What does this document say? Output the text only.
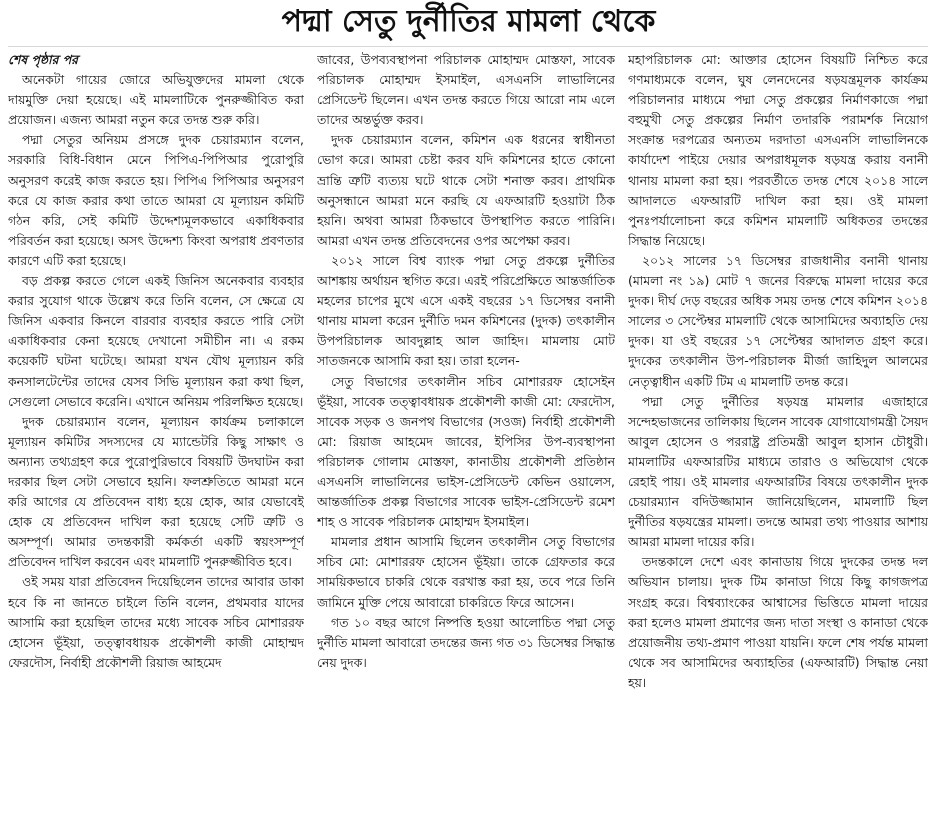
পদ্মা সেতু দুর্নীতির মামলা থেকে

শেষ পৃষ্ঠার পর

অনেকটা গায়ের জোরে অভিযুক্তদের মামলা থেকে দায়মুক্তি দেয়া হয়েছে। এই মামলাটিকে পুনরুজ্জীবিত করা প্রয়োজন। এজন্য আমরা নতুন করে তদন্ত শুরু করি।

পদ্মা সেতুর অনিয়ম প্রসঙ্গে দুদক চেয়ারম্যান বলেন, সরকারি বিধি-বিধান মেনে পিপিএ-পিপিআর পুরোপুরি অনুসরণ করেই কাজ করতে হয়। পিপিএ পিপিআর অনুসরণ করে যে কাজ করার কথা তাতে আমরা যে মূল্যায়ন কমিটি গঠন করি, সেই কমিটি উদ্দেশ্যমূলকভাবে একাধিকবার পরিবর্তন করা হয়েছে। অসৎ উদ্দেশ্য কিংবা অপরাধ প্রবণতার কারণে এটি করা হয়েছে।

বড় প্রকল্প করতে গেলে একই জিনিস অনেকবার ব্যবহার করার সুযোগ থাকে উল্লেখ করে তিনি বলেন, সে ক্ষেত্রে যে জিনিস একবার কিনলে বারবার ব্যবহার করতে পারি সেটা একাধিকবার কেনা হয়েছে দেখানো সমীচীন না। এ রকম কয়েকটি ঘটনা ঘটেছে। আমরা যখন যৌথ মূল্যায়ন করি কনসালটেন্টের তাদের যেসব সিভি মূল্যায়ন করা কথা ছিল, সেগুলো সেভাবে করেনি। এখানে অনিয়ম পরিলক্ষিত হয়েছে।

দুদক চেয়ারম্যান বলেন, মূল্যায়ন কার্যক্রম চলাকালে মূল্যায়ন কমিটির সদস্যদের যে ম্যান্ডেটরি কিছু সাক্ষাৎ ও অন্যান্য তথ্যগ্রহণ করে পুরোপুরিভাবে বিষয়টি উদঘাটন করা দরকার ছিল সেটা সেভাবে হয়নি। ফলশ্রুতিতে আমরা মনে করি আগের যে প্রতিবেদন বাধ্য হয়ে হোক, আর যেভাবেই হোক যে প্রতিবেদন দাখিল করা হয়েছে সেটি ত্রুটি ও অসম্পূর্ণ। আমার তদন্তকারী কর্মকর্তা একটি স্বয়ংসম্পূর্ণ প্রতিবেদন দাখিল করবেন এবং মামলাটি পুনরুজ্জীবিত হবে।

ওই সময় যারা প্রতিবেদন দিয়েছিলেন তাদের আবার ডাকা হবে কি না জানতে চাইলে তিনি বলেন, প্রথমবার যাদের আসামি করা হয়েছিল তাদের মধ্যে সাবেক সচিব মোশাররফ হোসেন ভূঁইয়া, তত্ত্বাবধায়ক প্রকৌশলী কাজী মোহাম্মদ ফেরদৌস, নির্বাহী প্রকৌশলী রিয়াজ আহমেদ

জাবের, উপব্যবস্থাপনা পরিচালক মোহাম্মদ মোস্তফা, সাবেক পরিচালক মোহাম্মদ ইসমাইল, এসএনসি লাভালিনের প্রেসিডেন্ট ছিলেন। এখন তদন্ত করতে গিয়ে আরো নাম এলে তাদের অন্তর্ভুক্ত করব।

দুদক চেয়ারম্যান বলেন, কমিশন এক ধরনের স্বাধীনতা ভোগ করে। আমরা চেষ্টা করব যদি কমিশনের হাতে কোনো ভ্রান্তি ত্রুটি ব্যত্যয় ঘটে থাকে সেটা শনাক্ত করব। প্রাথমিক অনুসন্ধানে আমরা মনে করছি যে এফআরটি হওয়াটা ঠিক হয়নি। অথবা আমরা ঠিকভাবে উপস্থাপিত করতে পারিনি। আমরা এখন তদন্ত প্রতিবেদনের ওপর অপেক্ষা করব।

২০১২ সালে বিশ্ব ব্যাংক পদ্মা সেতু প্রকল্পে দুর্নীতির আশঙ্কায় অর্থায়ন স্থগিত করে। এরই পরিপ্রেক্ষিতে আন্তর্জাতিক মহলের চাপের মুখে এসে একই বছরের ১৭ ডিসেম্বর বনানী থানায় মামলা করেন দুর্নীতি দমন কমিশনের (দুদক) তৎকালীন উপপরিচালক আবদুল্লাহ আল জাহিদ। মামলায় মোট সাতজনকে আসামি করা হয়। তারা হলেন-

সেতু বিভাগের তৎকালীন সচিব মোশাররফ হোসেইন ভূঁইয়া, সাবেক তত্ত্বাবধায়ক প্রকৌশলী কাজী মো: ফেরদৌস, সাবেক সড়ক ও জনপথ বিভাগের (সওজ) নির্বাহী প্রকৌশলী মো: রিয়াজ আহমেদ জাবের, ইপিসির উপ-ব্যবস্থাপনা পরিচালক গোলাম মোস্তফা, কানাডীয় প্রকৌশলী প্রতিষ্ঠান এসএনসি লাভালিনের ভাইস-প্রেসিডেন্ট কেভিন ওয়ালেস, আন্তর্জাতিক প্রকল্প বিভাগের সাবেক ভাইস-প্রেসিডেন্ট রমেশ শাহ ও সাবেক পরিচালক মোহাম্মদ ইসমাইল।

মামলার প্রধান আসামি ছিলেন তৎকালীন সেতু বিভাগের সচিব মো: মোশাররফ হোসেন ভূঁইয়া। তাকে গ্রেফতার করে সাময়িকভাবে চাকরি থেকে বরখাস্ত করা হয়, তবে পরে তিনি জামিনে মুক্তি পেয়ে আবারো চাকরিতে ফিরে আসেন।

গত ১০ বছর আগে নিষ্পত্তি হওয়া আলোচিত পদ্মা সেতু দুর্নীতি মামলা আবারো তদন্তের জন্য গত ৩১ ডিসেম্বর সিদ্ধান্ত নেয় দুদক।

মহাপরিচালক মো: আক্তার হোসেন বিষয়টি নিশ্চিত করে গণমাধ্যমকে বলেন, ঘুষ লেনদেনের ষড়যন্ত্রমূলক কার্যক্রম পরিচালনার মাধ্যমে পদ্মা সেতু প্রকল্পের নির্মাণকাজে পদ্মা বহুমুখী সেতু প্রকল্পের নির্মাণ তদারকি পরামর্শক নিয়োগ সংক্রান্ত দরপত্রের অন্যতম দরদাতা এসএনসি লাভালিনকে কার্যাদেশ পাইয়ে দেয়ার অপরাধমূলক ষড়যন্ত্র করায় বনানী থানায় মামলা করা হয়। পরবর্তীতে তদন্ত শেষে ২০১৪ সালে আদালতে এফআরটি দাখিল করা হয়। ওই মামলা পুনঃপর্যালোচনা করে কমিশন মামলাটি অধিকতর তদন্তের সিদ্ধান্ত নিয়েছে।

২০১২ সালের ১৭ ডিসেম্বর রাজধানীর বনানী থানায় (মামলা নং ১৯) মোট ৭ জনের বিরুদ্ধে মামলা দায়ের করে দুদক। দীর্ঘ দেড় বছরের অধিক সময় তদন্ত শেষে কমিশন ২০১৪ সালের ৩ সেপ্টেম্বর মামলাটি থেকে আসামিদের অব্যাহতি দেয় দুদক। যা ওই বছরের ১৭ সেপ্টেম্বর আদালত গ্রহণ করে। দুদকের তৎকালীন উপ-পরিচালক মীর্জা জাহিদুল আলমের নেতৃত্বাধীন একটি টিম এ মামলাটি তদন্ত করে।

পদ্মা সেতু দুর্নীতির ষড়যন্ত্র মামলার এজাহারে সন্দেহভাজনের তালিকায় ছিলেন সাবেক যোগাযোগমন্ত্রী সৈয়দ আবুল হোসেন ও পররাষ্ট্র প্রতিমন্ত্রী আবুল হাসান চৌধুরী। মামলাটির এফআরটির মাধ্যমে তারাও ও অভিযোগ থেকে রেহাই পায়। ওই মামলার এফআরটির বিষয়ে তৎকালীন দুদক চেয়ারম্যান বদিউজ্জামান জানিয়েছিলেন, মামলাটি ছিল দুর্নীতির ষড়যন্ত্রের মামলা। তদন্তে আমরা তথ্য পাওয়ার আশায় আমরা মামলা দায়ের করি।

তদন্তকালে দেশে এবং কানাডায় গিয়ে দুদকের তদন্ত দল অভিযান চালায়। দুদক টিম কানাডা গিয়ে কিছু কাগজপত্র সংগ্রহ করে। বিশ্বব্যাংকের আশ্বাসের ভিত্তিতে মামলা দায়ের করা হলেও মামলা প্রমাণের জন্য দাতা সংস্থা ও কানাডা থেকে প্রয়োজনীয় তথ্য-প্রমাণ পাওয়া যায়নি। ফলে শেষ পর্যন্ত মামলা থেকে সব আসামিদের অব্যাহতির (এফআরটি) সিদ্ধান্ত নেয়া হয়।
